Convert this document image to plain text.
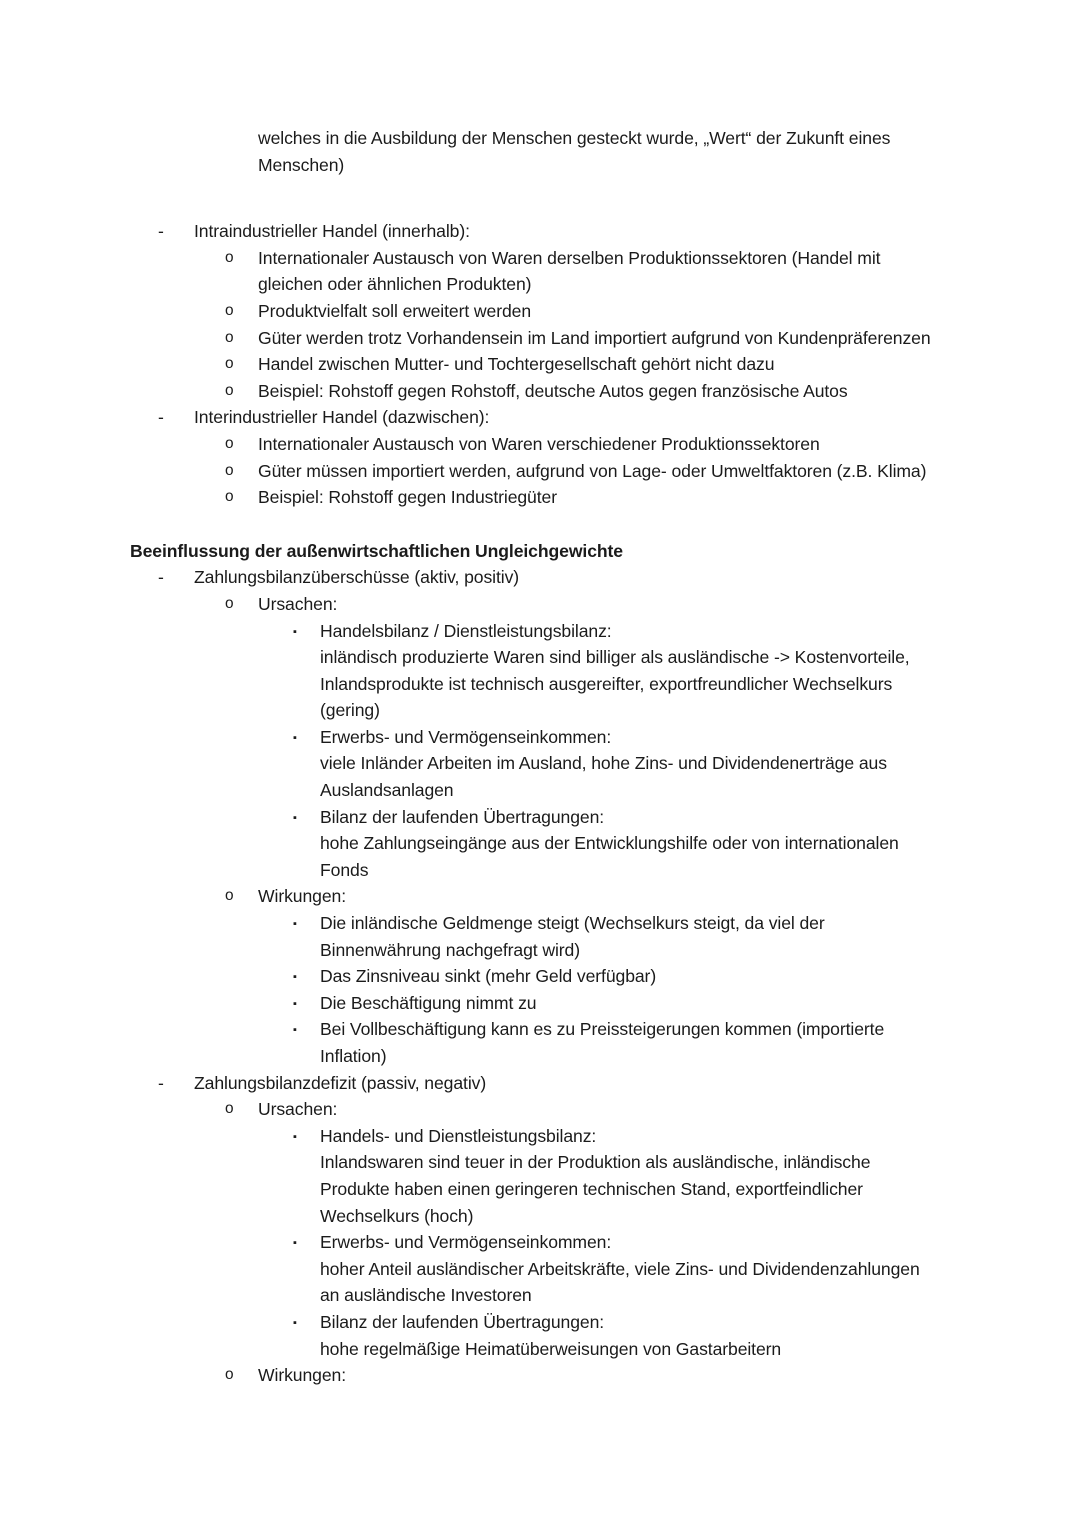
welches in die Ausbildung der Menschen gesteckt wurde, „Wert“ der Zukunft eines Menschen)
- Intraindustrieller Handel (innerhalb):
o Internationaler Austausch von Waren derselben Produktionssektoren (Handel mit gleichen oder ähnlichen Produkten)
o Produktvielfalt soll erweitert werden
o Güter werden trotz Vorhandensein im Land importiert aufgrund von Kundenpräferenzen
o Handel zwischen Mutter- und Tochtergesellschaft gehört nicht dazu
o Beispiel: Rohstoff gegen Rohstoff, deutsche Autos gegen französische Autos
- Interindustrieller Handel (dazwischen):
o Internationaler Austausch von Waren verschiedener Produktionssektoren
o Güter müssen importiert werden, aufgrund von Lage- oder Umweltfaktoren (z.B. Klima)
o Beispiel: Rohstoff gegen Industriegüter
Beeinflussung der außenwirtschaftlichen Ungleichgewichte
- Zahlungsbilanzüberschüsse (aktiv, positiv)
o Ursachen:
▪ Handelsbilanz / Dienstleistungsbilanz:
inländisch produzierte Waren sind billiger als ausländische -> Kostenvorteile, Inlandsprodukte ist technisch ausgereifter, exportfreundlicher Wechselkurs (gering)
▪ Erwerbs- und Vermögenseinkommen:
viele Inländer Arbeiten im Ausland, hohe Zins- und Dividendenerträge aus Auslandsanlagen
▪ Bilanz der laufenden Übertragungen:
hohe Zahlungseingänge aus der Entwicklungshilfe oder von internationalen Fonds
o Wirkungen:
▪ Die inländische Geldmenge steigt (Wechselkurs steigt, da viel der Binnenwährung nachgefragt wird)
▪ Das Zinsniveau sinkt (mehr Geld verfügbar)
▪ Die Beschäftigung nimmt zu
▪ Bei Vollbeschäftigung kann es zu Preissteigerungen kommen (importierte Inflation)
- Zahlungsbilanzdefizit (passiv, negativ)
o Ursachen:
▪ Handels- und Dienstleistungsbilanz:
Inlandswaren sind teuer in der Produktion als ausländische, inländische Produkte haben einen geringeren technischen Stand, exportfeindlicher Wechselkurs (hoch)
▪ Erwerbs- und Vermögenseinkommen:
hoher Anteil ausländischer Arbeitskräfte, viele Zins- und Dividendenzahlungen an ausländische Investoren
▪ Bilanz der laufenden Übertragungen:
hohe regelmäßige Heimatüberweisungen von Gastarbeitern
o Wirkungen:
